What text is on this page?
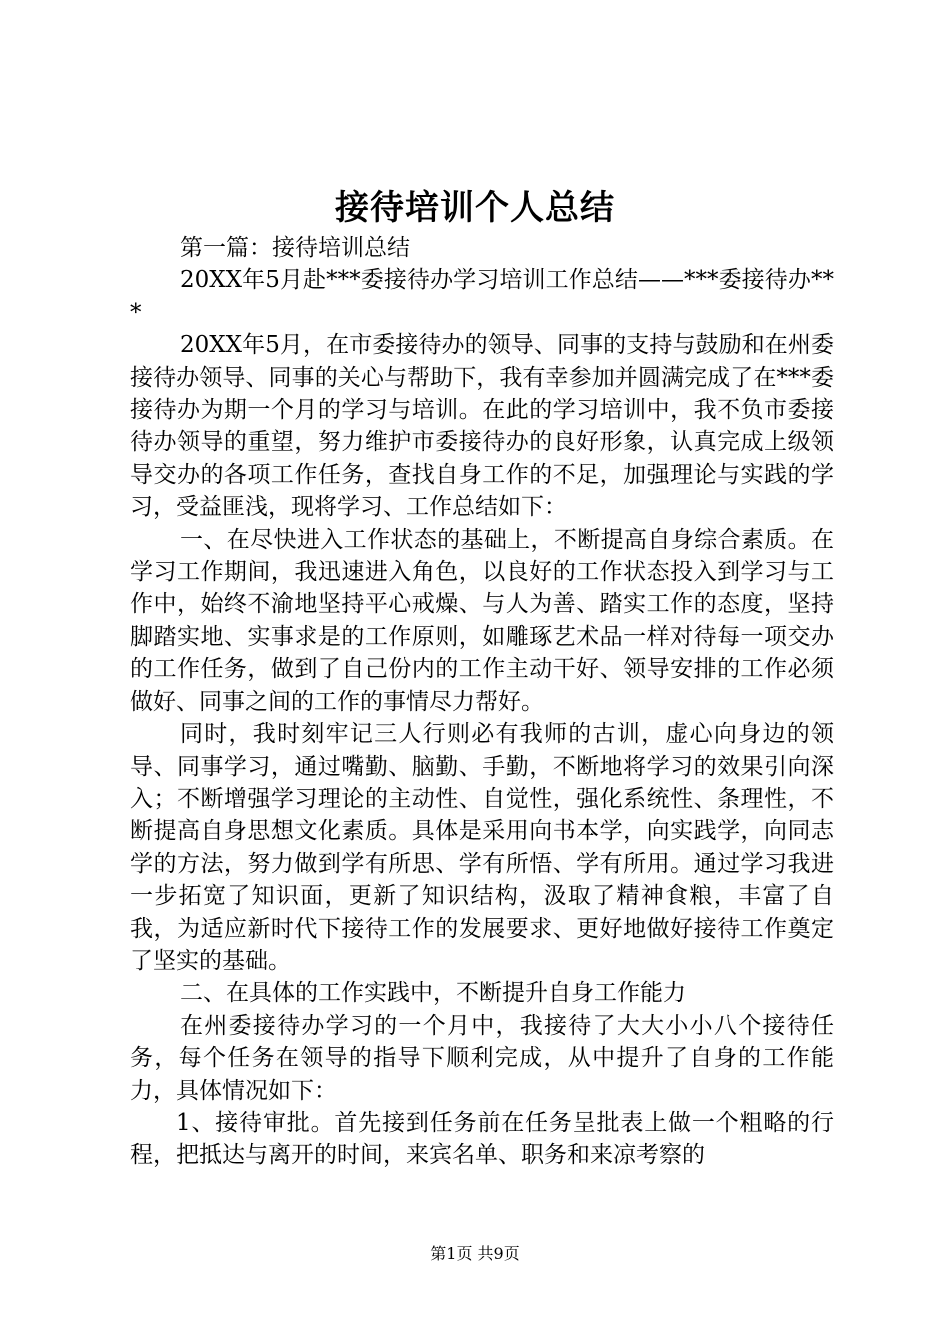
接待培训个人总结

第一篇：接待培训总结

20XX年5月赴***委接待办学习培训工作总结——***委接待办***

20XX年5月，在市委接待办的领导、同事的支持与鼓励和在州委接待办领导、同事的关心与帮助下，我有幸参加并圆满完成了在***委接待办为期一个月的学习与培训。在此的学习培训中，我不负市委接待办领导的重望，努力维护市委接待办的良好形象，认真完成上级领导交办的各项工作任务，查找自身工作的不足，加强理论与实践的学习，受益匪浅，现将学习、工作总结如下：

一、在尽快进入工作状态的基础上，不断提高自身综合素质。在学习工作期间，我迅速进入角色，以良好的工作状态投入到学习与工作中，始终不渝地坚持平心戒燥、与人为善、踏实工作的态度，坚持脚踏实地、实事求是的工作原则，如雕琢艺术品一样对待每一项交办的工作任务，做到了自己份内的工作主动干好、领导安排的工作必须做好、同事之间的工作的事情尽力帮好。

同时，我时刻牢记三人行则必有我师的古训，虚心向身边的领导、同事学习，通过嘴勤、脑勤、手勤，不断地将学习的效果引向深入；不断增强学习理论的主动性、自觉性，强化系统性、条理性，不断提高自身思想文化素质。具体是采用向书本学，向实践学，向同志学的方法，努力做到学有所思、学有所悟、学有所用。通过学习我进一步拓宽了知识面，更新了知识结构，汲取了精神食粮，丰富了自我，为适应新时代下接待工作的发展要求、更好地做好接待工作奠定了坚实的基础。

二、在具体的工作实践中，不断提升自身工作能力

在州委接待办学习的一个月中，我接待了大大小小八个接待任务，每个任务在领导的指导下顺利完成，从中提升了自身的工作能力，具体情况如下：

1、接待审批。首先接到任务前在任务呈批表上做一个粗略的行程，把抵达与离开的时间，来宾名单、职务和来凉考察的

第1页 共9页
